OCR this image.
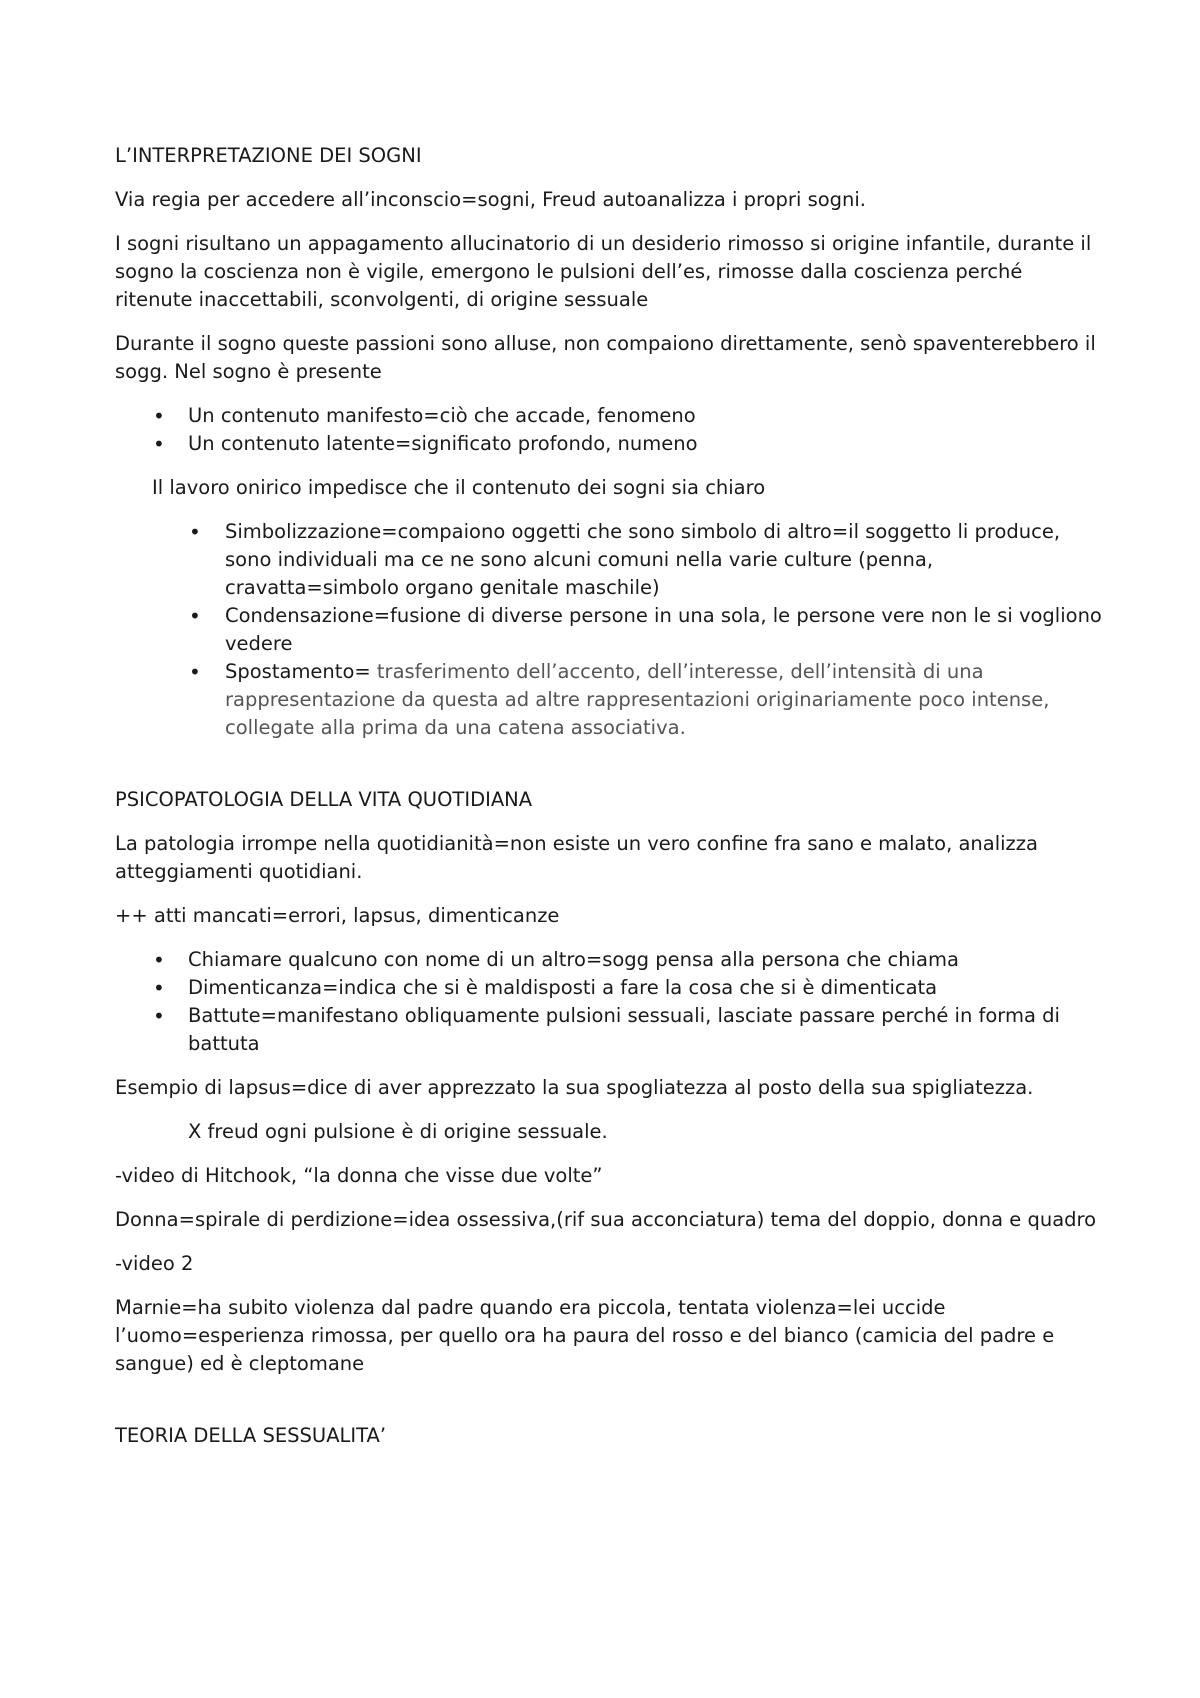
L’INTERPRETAZIONE DEI SOGNI

Via regia per accedere all’inconscio=sogni, Freud autoanalizza i propri sogni.

I sogni risultano un appagamento allucinatorio di un desiderio rimosso si origine infantile, durante il sogno la coscienza non è vigile, emergono le pulsioni dell’es, rimosse dalla coscienza perché ritenute inaccettabili, sconvolgenti, di origine sessuale

Durante il sogno queste passioni sono alluse, non compaiono direttamente, senò spaventerebbero il sogg. Nel sogno è presente

• Un contenuto manifesto=ciò che accade, fenomeno
• Un contenuto latente=significato profondo, numeno

Il lavoro onirico impedisce che il contenuto dei sogni sia chiaro

• Simbolizzazione=compaiono oggetti che sono simbolo di altro=il soggetto li produce, sono individuali ma ce ne sono alcuni comuni nella varie culture (penna, cravatta=simbolo organo genitale maschile)
• Condensazione=fusione di diverse persone in una sola, le persone vere non le si vogliono vedere
• Spostamento= trasferimento dell’accento, dell’interesse, dell’intensità di una rappresentazione da questa ad altre rappresentazioni originariamente poco intense, collegate alla prima da una catena associativa.

PSICOPATOLOGIA DELLA VITA QUOTIDIANA

La patologia irrompe nella quotidianità=non esiste un vero confine fra sano e malato, analizza atteggiamenti quotidiani.

++ atti mancati=errori, lapsus, dimenticanze

• Chiamare qualcuno con nome di un altro=sogg pensa alla persona che chiama
• Dimenticanza=indica che si è maldisposti a fare la cosa che si è dimenticata
• Battute=manifestano obliquamente pulsioni sessuali, lasciate passare perché in forma di battuta

Esempio di lapsus=dice di aver apprezzato la sua spogliatezza al posto della sua spigliatezza.

X freud ogni pulsione è di origine sessuale.

-video di Hitchook, “la donna che visse due volte”

Donna=spirale di perdizione=idea ossessiva,(rif sua acconciatura) tema del doppio, donna e quadro

-video 2

Marnie=ha subito violenza dal padre quando era piccola, tentata violenza=lei uccide l’uomo=esperienza rimossa, per quello ora ha paura del rosso e del bianco (camicia del padre e sangue) ed è cleptomane

TEORIA DELLA SESSUALITA’
